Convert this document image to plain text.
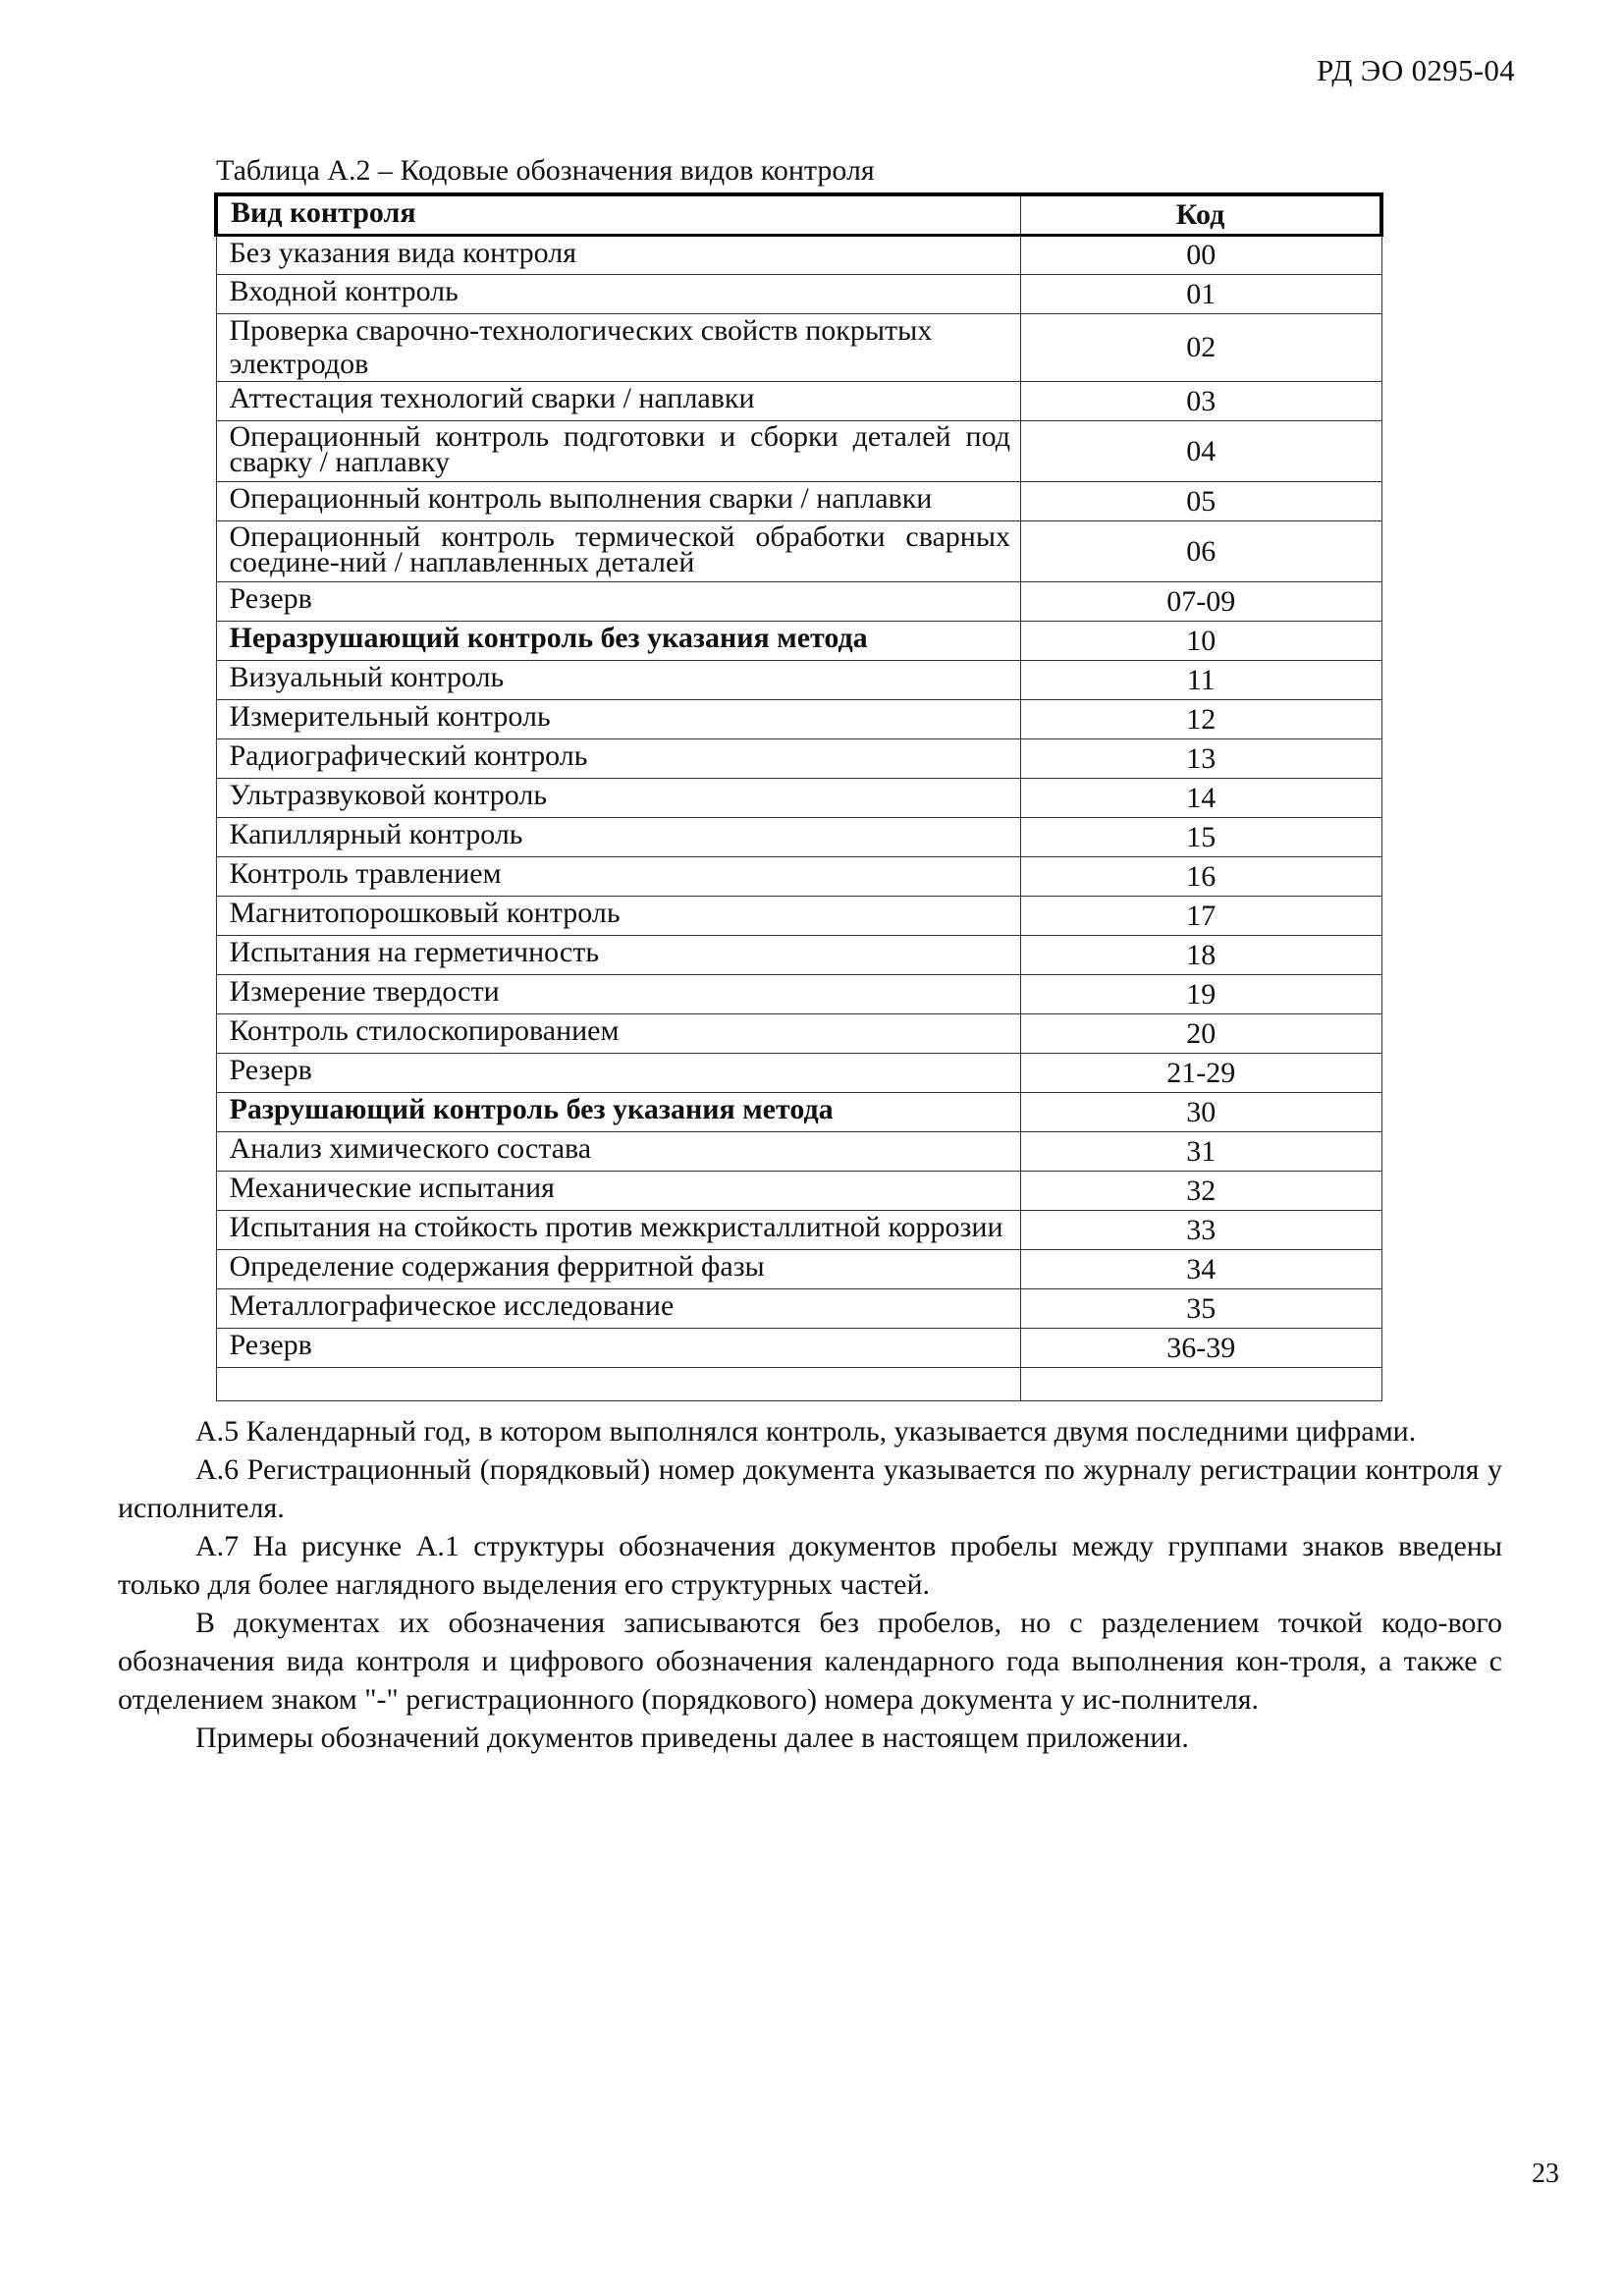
РД ЭО 0295-04
Таблица А.2 – Кодовые обозначения видов контроля
Вид контроля	Код
Без указания вида контроля	00
Входной контроль	01
Проверка сварочно-технологических свойств покрытых электродов	02
Аттестация технологий сварки / наплавки	03
Операционный контроль подготовки и сборки деталей под сварку / наплавку	04
Операционный контроль выполнения сварки / наплавки	05
Операционный контроль термической обработки сварных соедине-ний / наплавленных деталей	06
Резерв	07-09
Неразрушающий контроль без указания метода	10
Визуальный контроль	11
Измерительный контроль	12
Радиографический контроль	13
Ультразвуковой контроль	14
Капиллярный контроль	15
Контроль травлением	16
Магнитопорошковый контроль	17
Испытания на герметичность	18
Измерение твердости	19
Контроль стилоскопированием	20
Резерв	21-29
Разрушающий контроль без указания метода	30
Анализ химического состава	31
Механические испытания	32
Испытания на стойкость против межкристаллитной коррозии	33
Определение содержания ферритной фазы	34
Металлографическое исследование	35
Резерв	36-39

А.5 Календарный год, в котором выполнялся контроль, указывается двумя последними цифрами.

А.6 Регистрационный (порядковый) номер документа указывается по журналу регистрации контроля у исполнителя.

А.7 На рисунке А.1 структуры обозначения документов пробелы между группами знаков введены только для более наглядного выделения его структурных частей.

В документах их обозначения записываются без пробелов, но с разделением точкой кодо-вого обозначения вида контроля и цифрового обозначения календарного года выполнения кон-троля, а также с отделением знаком "-" регистрационного (порядкового) номера документа у ис-полнителя.

Примеры обозначений документов приведены далее в настоящем приложении.

23
